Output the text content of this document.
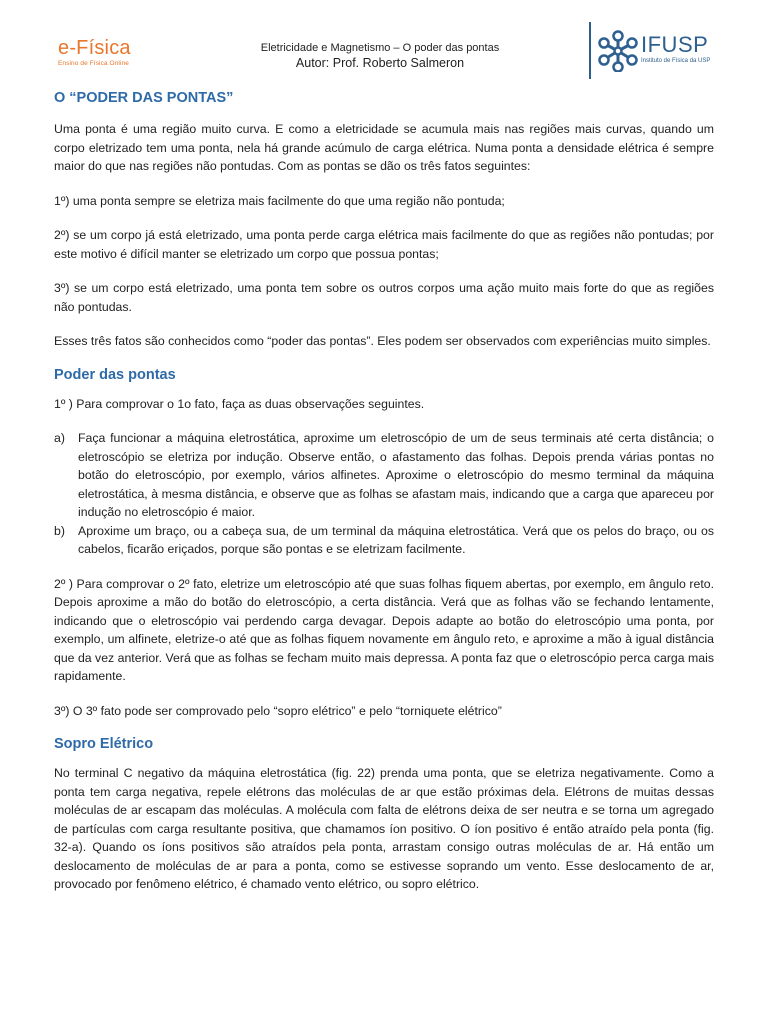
e-Física
Ensino de Física Online
Eletricidade e Magnetismo – O poder das pontas
Autor: Prof. Roberto Salmeron
IFUSP
Instituto de Física da USP
O “PODER DAS PONTAS”

Uma ponta é uma região muito curva. E como a eletricidade se acumula mais nas regiões mais curvas, quando um corpo eletrizado tem uma ponta, nela há grande acúmulo de carga elétrica. Numa ponta a densidade elétrica é sempre maior do que nas regiões não pontudas. Com as pontas se dão os três fatos seguintes:

1º) uma ponta sempre se eletriza mais facilmente do que uma região não pontuda;

2º) se um corpo já está eletrizado, uma ponta perde carga elétrica mais facilmente do que as regiões não pontudas; por este motivo é difícil manter se eletrizado um corpo que possua pontas;

3º) se um corpo está eletrizado, uma ponta tem sobre os outros corpos uma ação muito mais forte do que as regiões não pontudas.

Esses três fatos são conhecidos como “poder das pontas”. Eles podem ser observados com experiências muito simples.

Poder das pontas

1º ) Para comprovar o 1o fato, faça as duas observações seguintes.

a)	Faça funcionar a máquina eletrostática, aproxime um eletroscópio de um de seus terminais até certa distância; o eletroscópio se eletriza por indução. Observe então, o afastamento das folhas. Depois prenda várias pontas no botão do eletroscópio, por exemplo, vários alfinetes. Aproxime o eletroscópio do mesmo terminal da máquina eletrostática, à mesma distância, e observe que as folhas se afastam mais, indicando que a carga que apareceu por indução no eletroscópio é maior.
b)	Aproxime um braço, ou a cabeça sua, de um terminal da máquina eletrostática. Verá que os pelos do braço, ou os cabelos, ficarão eriçados, porque são pontas e se eletrizam facilmente.

2º ) Para comprovar o 2º fato, eletrize um eletroscópio até que suas folhas fiquem abertas, por exemplo, em ângulo reto. Depois aproxime a mão do botão do eletroscópio, a certa distância. Verá que as folhas vão se fechando lentamente, indicando que o eletroscópio vai perdendo carga devagar. Depois adapte ao botão do eletroscópio uma ponta, por exemplo, um alfinete, eletrize-o até que as folhas fiquem novamente em ângulo reto, e aproxime a mão à igual distância que da vez anterior. Verá que as folhas se fecham muito mais depressa. A ponta faz que o eletroscópio perca carga mais rapidamente.

3º) O 3º fato pode ser comprovado pelo “sopro elétrico” e pelo “torniquete elétrico”

Sopro Elétrico

No terminal C negativo da máquina eletrostática (fig. 22) prenda uma ponta, que se eletriza negativamente. Como a ponta tem carga negativa, repele elétrons das moléculas de ar que estão próximas dela. Elétrons de muitas dessas moléculas de ar escapam das moléculas. A molécula com falta de elétrons deixa de ser neutra e se torna um agregado de partículas com carga resultante positiva, que chamamos íon positivo. O íon positivo é então atraído pela ponta (fig. 32-a). Quando os íons positivos são atraídos pela ponta, arrastam consigo outras moléculas de ar. Há então um deslocamento de moléculas de ar para a ponta, como se estivesse soprando um vento. Esse deslocamento de ar, provocado por fenômeno elétrico, é chamado vento elétrico, ou sopro elétrico.
